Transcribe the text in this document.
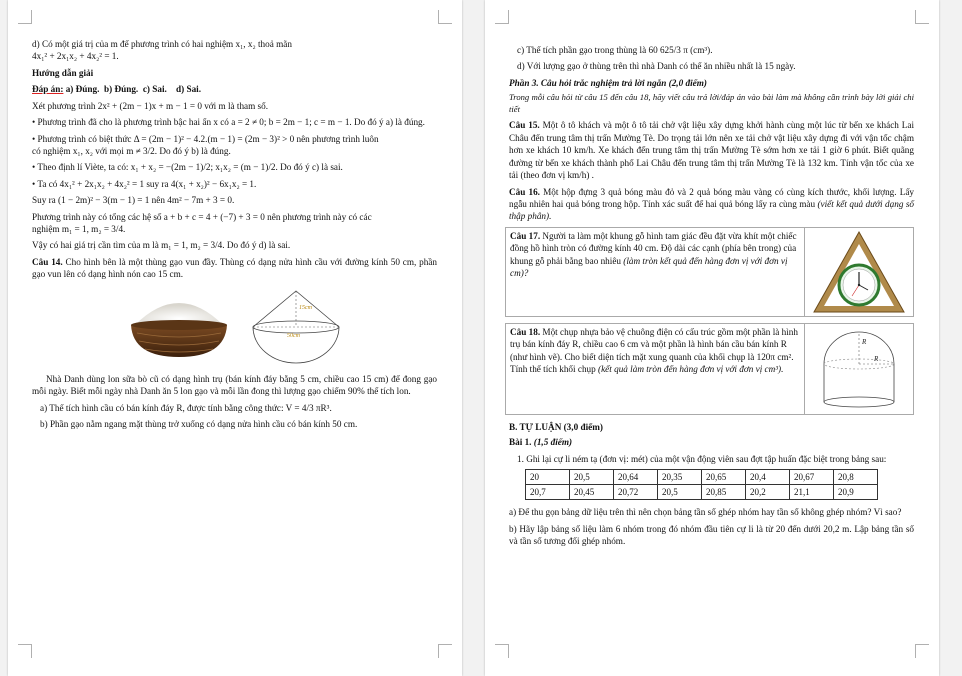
d) Có một giá trị của m để phương trình có hai nghiệm x₁, x₂ thoả mãn
4x₁² + 2x₁x₂ + 4x₂² = 1.
Hướng dẫn giải
Đáp án: a) Đúng. b) Đúng. c) Sai. d) Sai.
Xét phương trình 2x² + (2m − 1)x + m − 1 = 0 với m là tham số.
• Phương trình đã cho là phương trình bậc hai ẩn x có a = 2 ≠ 0; b = 2m − 1; c = m − 1. Do đó ý a) là đúng.
• Phương trình có biệt thức Δ = (2m − 1)² − 4.2.(m − 1) = (2m − 3)² > 0 nên phương trình luôn
có nghiệm x₁, x₂ với mọi m ≠ 3/2. Do đó ý b) là đúng.
• Theo định lí Viète, ta có: x₁ + x₂ = −(2m − 1)/2; x₁x₂ = (m − 1)/2. Do đó ý c) là sai.
• Ta có 4x₁² + 2x₁x₂ + 4x₂² = 1 suy ra 4(x₁ + x₂)² − 6x₁x₂ = 1.
Suy ra (1 − 2m)² − 3(m − 1) = 1 nên 4m² − 7m + 3 = 0.
Phương trình này có tổng các hệ số a + b + c = 4 + (−7) + 3 = 0 nên phương trình này có các
nghiệm m₁ = 1, m₂ = 3/4.
Vậy có hai giá trị cần tìm của m là m₁ = 1, m₂ = 3/4. Do đó ý d) là sai.
Câu 14. Cho hình bên là một thùng gạo vun đầy. Thùng có dạng nửa hình cầu với đường kính 50 cm, phần gạo vun lên có dạng hình nón cao 15 cm.
15cm
50cm
Nhà Danh dùng lon sữa bò cũ có dạng hình trụ (bán kính đáy bằng 5 cm, chiều cao 15 cm) để đong gạo mỗi ngày. Biết mỗi ngày nhà Danh ăn 5 lon gạo và mỗi lần đong thì lượng gạo chiếm 90% thể tích lon.
a) Thể tích hình cầu có bán kính đáy R, được tính bằng công thức: V = 4/3 πR³.
b) Phần gạo nằm ngang mặt thùng trở xuống có dạng nửa hình cầu có bán kính 50 cm.
c) Thể tích phần gạo trong thùng là 60 625/3 π (cm³).
d) Với lượng gạo ở thùng trên thì nhà Danh có thể ăn nhiều nhất là 15 ngày.
Phần 3. Câu hỏi trắc nghiệm trả lời ngắn (2,0 điểm)
Trong mỗi câu hỏi từ câu 15 đến câu 18, hãy viết câu trả lời/đáp án vào bài làm mà không cần trình bày lời giải chi tiết
Câu 15. Một ô tô khách và một ô tô tải chở vật liệu xây dựng khởi hành cùng một lúc từ bến xe khách Lai Châu đến trung tâm thị trấn Mường Tè. Do trọng tải lớn nên xe tải chở vật liệu xây dựng đi với vận tốc chậm hơn xe khách 10 km/h. Xe khách đến trung tâm thị trấn Mường Tè sớm hơn xe tải 1 giờ 6 phút. Biết quãng đường từ bến xe khách thành phố Lai Châu đến trung tâm thị trấn Mường Tè là 132 km. Tính vận tốc của xe tải (theo đơn vị km/h) .
Câu 16. Một hộp đựng 3 quả bóng màu đỏ và 2 quả bóng màu vàng có cùng kích thước, khối lượng. Lấy ngẫu nhiên hai quả bóng trong hộp. Tính xác suất để hai quả bóng lấy ra cùng màu (viết kết quả dưới dạng số thập phân).
Câu 17. Người ta làm một khung gỗ hình tam giác đều đặt vừa khít một chiếc đồng hồ hình tròn có đường kính 40 cm. Độ dài các cạnh (phía bên trong) của khung gỗ phải bằng bao nhiêu (làm tròn kết quả đến hàng đơn vị với đơn vị cm)?
Câu 18. Một chụp nhựa bảo vệ chuông điện có cấu trúc gồm một phần là hình trụ bán kính đáy R, chiều cao 6 cm và một phần là hình bán cầu bán kính R (như hình vẽ). Cho biết diện tích mặt xung quanh của khối chụp là 120π cm². Tính thể tích khối chụp (kết quả làm tròn đến hàng đơn vị với đơn vị cm³).
R
R
B. TỰ LUẬN (3,0 điểm)
Bài 1. (1,5 điểm)
1. Ghi lại cự li ném tạ (đơn vị: mét) của một vận động viên sau đợt tập huấn đặc biệt trong bảng sau:
20	20,5	20,64	20,35	20,65	20,4	20,67	20,8
20,7	20,45	20,72	20,5	20,85	20,2	21,1	20,9
a) Để thu gọn bảng dữ liệu trên thì nên chọn bảng tần số ghép nhóm hay tần số không ghép nhóm? Vì sao?
b) Hãy lập bảng số liệu làm 6 nhóm trong đó nhóm đầu tiên cự li là từ 20 đến dưới 20,2 m. Lập bảng tần số và tần số tương đối ghép nhóm.
